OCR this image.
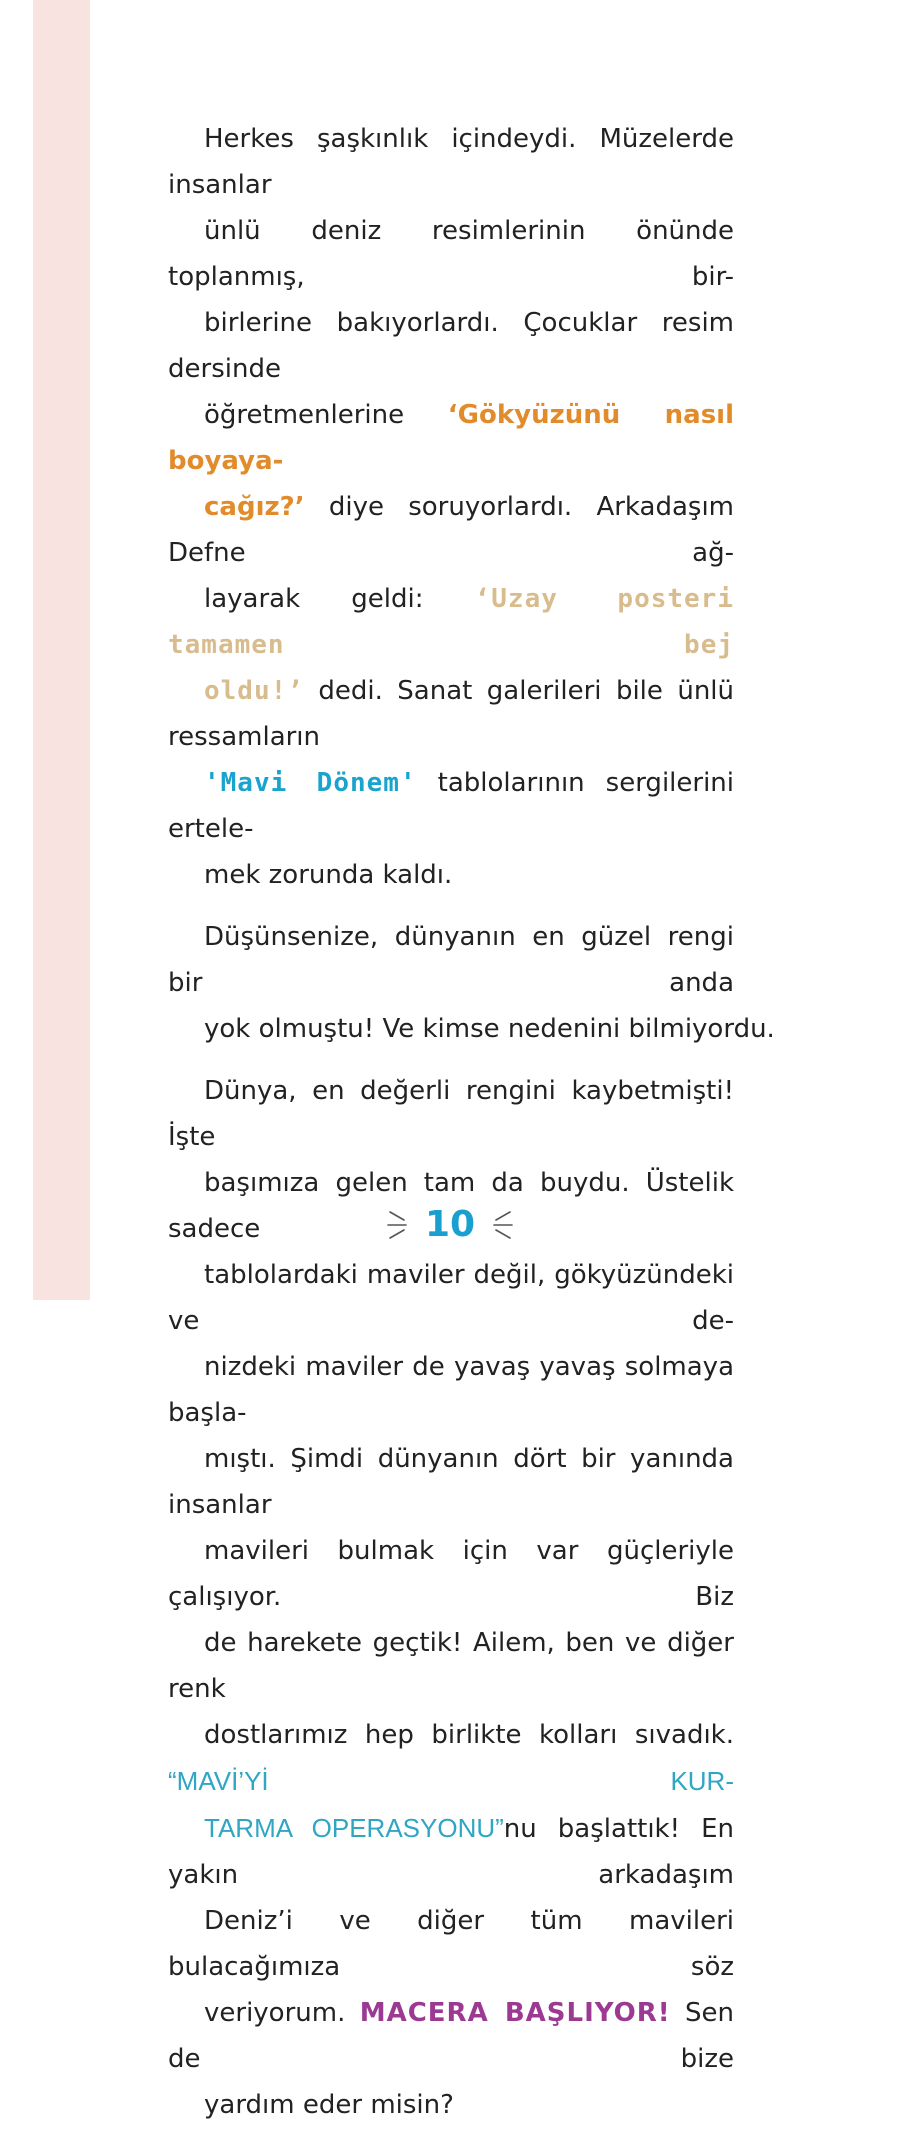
Herkes şaşkınlık içindeydi. Müzelerde insanlar
ünlü deniz resimlerinin önünde toplanmış, bir-
birlerine bakıyorlardı. Çocuklar resim dersinde
öğretmenlerine ‘Gökyüzünü nasıl boyaya-
cağız?’ diye soruyorlardı. Arkadaşım Defne ağ-
layarak geldi: ‘Uzay posteri tamamen bej
oldu!’ dedi. Sanat galerileri bile ünlü ressamların
'Mavi Dönem' tablolarının sergilerini ertele-
mek zorunda kaldı.
Düşünsenize, dünyanın en güzel rengi bir anda
yok olmuştu! Ve kimse nedenini bilmiyordu.
Dünya, en değerli rengini kaybetmişti! İşte
başımıza gelen tam da buydu. Üstelik sadece
tablolardaki maviler değil, gökyüzündeki ve de-
nizdeki maviler de yavaş yavaş solmaya başla-
mıştı. Şimdi dünyanın dört bir yanında insanlar
mavileri bulmak için var güçleriyle çalışıyor. Biz
de harekete geçtik! Ailem, ben ve diğer renk
dostlarımız hep birlikte kolları sıvadık. “MAVİ’Yİ KUR-
TARMA OPERASYONU”nu başlattık! En yakın arkadaşım
Deniz’i ve diğer tüm mavileri bulacağımıza söz
veriyorum. MACERA BAŞLIYOR! Sen de bize
yardım eder misin?
10
